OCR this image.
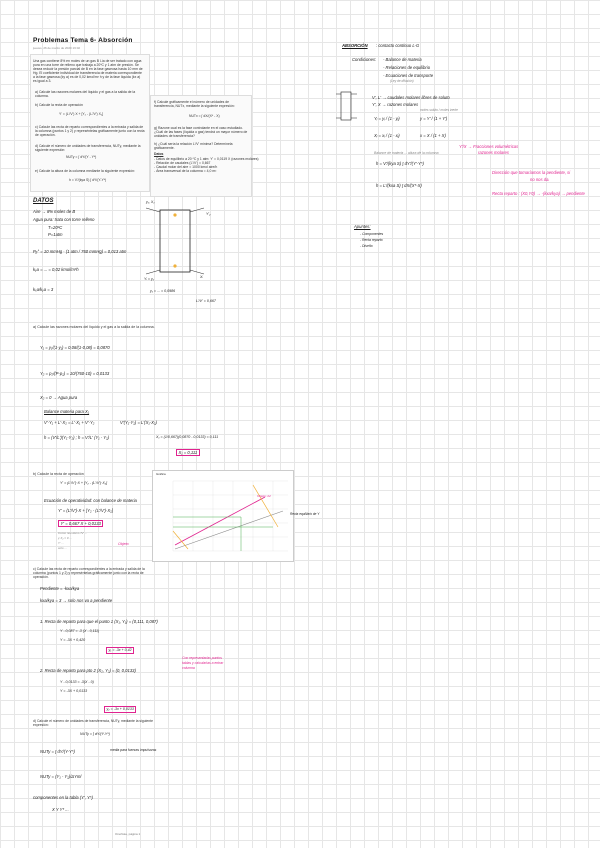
Problemas Tema 6- Absorción
jueves, 26 de marzo de 2020 16:02
Una gas contiene 8% en moles de un gas B l-ía de ser tratado con agua
pura en una torre de relleno que trabaja a 20ºC y 1 atm de presión. Se
desea reducir la presión parcial de B en la fase gaseosa hasta 10 mm de
Hg. El coeficiente individual de transferencia de materia correspondiente
a la fase gaseosa (ky a) es de 0,02 kmol/m³ h y de la fase líquida (kx a)
es igual a 3.
a) Calcule las razones molares del líquido y el gas a la salida de la columna.
b) Calcule la recta de operación
Y' = (L'/V') X + [Y₂ - (L'/V') X₂]
c) Calcule las recta de reparto correspondientes a la entrada y salida de la columna (puntos 1 y 2) y represéntelas gráficamente junto con la recta de operación.
d) Calcule el número de unidades de transferencia, NUTy, mediante la siguiente expresión:
NUTy = ∫ dY/(Y - Y*)
e) Calcule la altura de la columna mediante la siguiente expresión:
h = V'/(kya S) ∫ dY/(Y-Y*)
f) Calcule gráficamente el número de unidades de transferencia, NUTx, mediante la siguiente expresión:
NUTx = ∫ dX/(X* - X)
g) Razone cual es la fase controlante en el caso estudiado. ¿Cuál de las fases (líquida o gas) tendrá un mayor número de unidades de transferencia?
h) ¿Cuál sería la relación L'/V' mínima? Determínela gráficamente.
Datos
- Datos de equilibrio a 20 ºC y 1 atm: Y' = 0,0119 X (razones molares)
- Relación de caudales (L'/V') = 0,667
- Caudal molar del aire = 1000 kmol aire/h
- Área transversal de la columna = 4,0 m²
ABSORCIÓN : contacto continuo L-G
Condiciones: - Balance de materia
- Relaciones de equilibrio
- Ecuaciones de transporte
(Ley de difusión)
V', L' → caudales molares libres de soluto
Y', X → razones molares
moles soluto / moles inerte
Yᵢ = yᵢ / (1 - yᵢ)	y = Y' / (1 + Y')
Xᵢ = xᵢ / (1 - xᵢ)	x = X / (1 + X)
Balance de materia ... altura de la columna
h = V'/(kya S) ∫ dY'/(Y'-Y*)
h = L'/(kxa S) ∫ dX/(X*-X)
Y'/X → Fracciones volumétricas
razones molares
Dirección que tomaríamos la pendiente, si
no nos da.
Recta reparto : (X0,Y0) → -(kxa/kya) → pendiente
Apuntes:
- Componentes
- Recta reparto
- Diseño
DATOS
Aire → 8% moles de B
Agua pura: trata con torre relleno
T=20ºC
P=1atm
Pᵦ° = 10 mmHg · (1 atm / 760 mmHg) = 0,013 atm
kᵧa = ... = 0,02 kmol/m³h
kₓa/kᵧa = 3
y₁, X₁
Y'₂
Yᵢ = y₁	Xᵢ
y₁ = ... = 0,0986
L'/V' = 0,667
a) Calcule las razones molares del líquido y el gas a la salida de la columna.
Y₁ = y₁/(1-y₁) = 0,08/(1-0,08) = 0,0870
Y₂ = p₂/(P-p₂) = 10/(760-10) = 0,0133
X₂ = 0 → Agua pura
Balance materia para X₁
V'·Y₁ + L'·X₂ = L'·X₁ + V'·Y₂	V'(Y₁-Y₂) = L'(X₁-X₂)
h = (V'/L')(Y₁-Y₂) ; h = V'/L' (Y₁ - Y₂)	X₁ = (1/0,667)(0,0870 - 0,0133) = 0,111
X₁ = 0,111
b) Calcule la recta de operación
Y' = (L'/V')·X + [Y₂ - (L'/V')·X₂]
Ecuación de operatividad: con balance de materia
Y' = (L'/V')·X + [Y₂ - (L'/V')·X₂]
Y' = 0,667 X + 0,0133
Como nos dan L'/V' ...
y X₂ = 0 ...
Y' ...
solo ...
Objeto
Gráfica
Objeto: b2
Recta equilibrio de Y
c) Calcule las recta de reparto correspondientes a la entrada y salida de la columna (puntos 1 y 2) y represéntelas gráficamente junto con la recta de operación.
Pendiente = -kxa/kya
kxa/kya = 3 → solo nos va a pendiente
1. Recta de reparto para que el punto 1 (X₁, Y₁) = (0,111, 0,087)
Y - 0,087 = -3 (X - 0,111)
Y = -3X + 0,420
y₁ = -3x + 0,42
2. Recta de reparto para pto 2 (X₂, Y₂) = (0, 0,0133)
Y - 0,0133 = -3(X - 0)
Y = -3X + 0,0133
y₂ = -3x + 0,0133
Con representarlas puntos
tablas y calcularlas a entrar
columna
d) Calcule el número de unidades de transferencia, NUTy, mediante la siguiente expresión:
NUTy = ∫ dY/(Y-Y*)
NUTy = ∫ dY/(Y-Y*)	media para fuerzas impulsoras
NUTy = (Y₁ - Y₂)/ΔYml
componentes en la tabla (Y', Y*)
X Y Y* ...
OneNote, página 1
